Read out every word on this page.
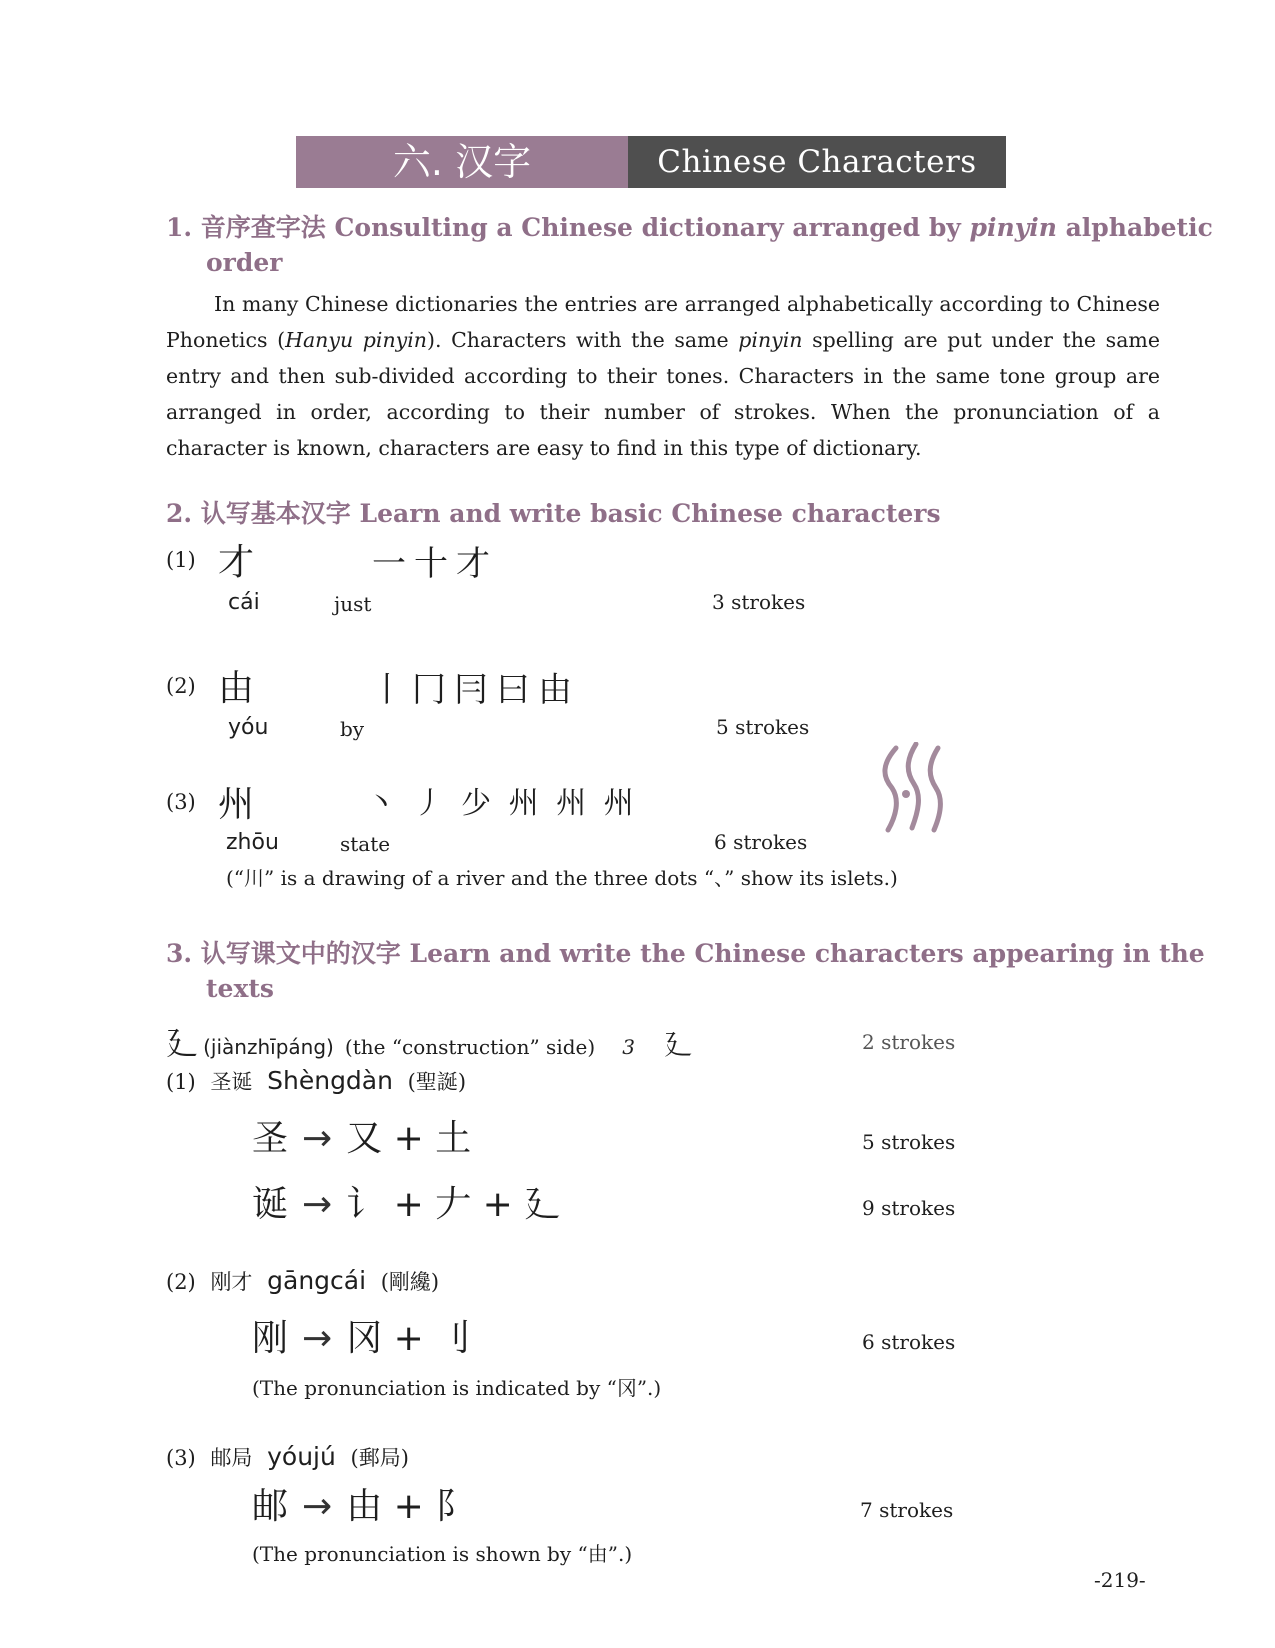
六. 汉字	Chinese Characters
1. 音序查字法 Consulting a Chinese dictionary arranged by pinyin alphabetic
order

In many Chinese dictionaries the entries are arranged alphabetically according to Chinese Phonetics (Hanyu pinyin). Characters with the same pinyin spelling are put under the same entry and then sub-divided according to their tones. Characters in the same tone group are arranged in order, according to their number of strokes. When the pronunciation of a character is known, characters are easy to find in this type of dictionary.

2. 认写基本汉字 Learn and write basic Chinese characters
(1) 才	一十才
cái	just	3 strokes
(2) 由	丨冂冃曰由
yóu	by	5 strokes
(3) 州	丶 丿 少 州 州 州
zhōu	state	6 strokes
(“川” is a drawing of a river and the three dots “、” show its islets.)
3. 认写课文中的汉字 Learn and write the Chinese characters appearing in the
texts
廴 (jiànzhīpáng) (the “construction” side) 3 廴	2 strokes
(1) 圣诞 Shèngdàn (聖誕)
圣 → 又 + 土	5 strokes
诞 → 讠 + 𠂇 + 廴	9 strokes
(2) 刚才 gāngcái (剛纔)
刚 → 冈 + 刂	6 strokes
(The pronunciation is indicated by “冈”.)
(3) 邮局 yóujú (郵局)
邮 → 由 + 阝	7 strokes
(The pronunciation is shown by “由”.)
-219-
